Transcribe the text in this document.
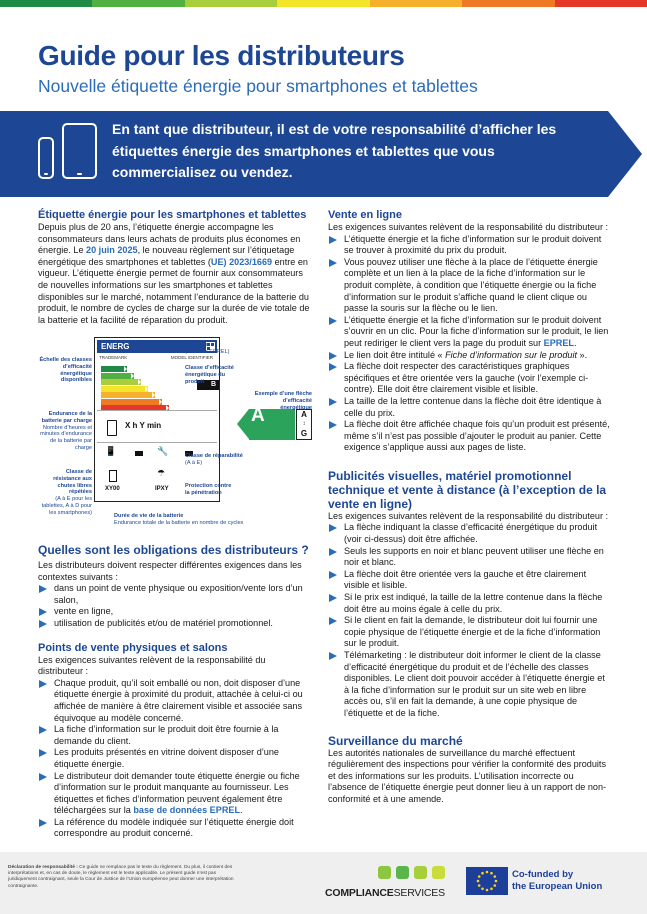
Guide pour les distributeurs
Nouvelle étiquette énergie pour smartphones et tablettes
En tant que distributeur, il est de votre responsabilité d’afficher les étiquettes énergie des smartphones et tablettes que vous commercialisez ou vendez.
Étiquette énergie pour les smartphones et tablettes

Depuis plus de 20 ans, l’étiquette énergie accompagne les consommateurs dans leurs achats de produits plus économes en énergie. Le 20 juin 2025, le nouveau règlement sur l’étiquetage énergétique des smartphones et tablettes (UE) 2023/1669 entre en vigueur. L’étiquette énergie permet de fournir aux consommateurs de nouvelles informations sur les smartphones et tablettes disponibles sur le marché, notamment l’endurance de la batterie du produit, le nombre de cycles de charge sur la durée de vie totale de la batterie et la facilité de réparation du produit.

ENERG
TRADEMARK	MODEL IDENTIFIER
B
X h Y min
📱	🔧
XY00
☂
IPXY
A	A
↕
G
QR code
(lien vers EPREL)
Échelle des classes d’efficacité énergétique disponibles
Classe d’efficacité énergétique du produit
Exemple d’une flèche d’efficacité énergétique
Endurance de la batterie par charge
Nombre d’heures et minutes d’endurance de la batterie par charge
Classe de réparabilité (A à E)
Classe de résistance aux chutes libres répétées
(A à E pour les tablettes, A à D pour les smartphones)
Protection contre la pénétration
Durée de vie de la batterie
Endurance totale de la batterie en nombre de cycles
Quelles sont les obligations des distributeurs ?

Les distributeurs doivent respecter différentes exigences dans les contextes suivants :

dans un point de vente physique ou exposition/vente lors d’un salon,
vente en ligne,
utilisation de publicités et/ou de matériel promotionnel.
Points de vente physiques et salons

Les exigences suivantes relèvent de la responsabilité du distributeur :

Chaque produit, qu’il soit emballé ou non, doit disposer d’une étiquette énergie à proximité du produit, attachée à celui-ci ou affichée de manière à être clairement visible et associée sans équivoque au modèle concerné.
La fiche d’information sur le produit doit être fournie à la demande du client.
Les produits présentés en vitrine doivent disposer d’une étiquette énergie.
Le distributeur doit demander toute étiquette énergie ou fiche d’information sur le produit manquante au fournisseur. Les étiquettes et fiches d’information peuvent également être téléchargées sur la base de données EPREL.
La référence du modèle indiquée sur l’étiquette énergie doit correspondre au produit concerné.
Vente en ligne

Les exigences suivantes relèvent de la responsabilité du distributeur :

L’étiquette énergie et la fiche d’information sur le produit doivent se trouver à proximité du prix du produit.
Vous pouvez utiliser une flèche à la place de l’étiquette énergie complète et un lien à la place de la fiche d’information sur le produit complète, à condition que l’étiquette énergie ou la fiche d’information sur le produit s’affiche quand le client clique ou passe la souris sur la flèche ou le lien.
L’étiquette énergie et la fiche d’information sur le produit doivent s’ouvrir en un clic. Pour la fiche d’information sur le produit, le lien peut rediriger le client vers la page du produit sur EPREL.
Le lien doit être intitulé « Fiche d’information sur le produit ».
La flèche doit respecter des caractéristiques graphiques spécifiques et être orientée vers la gauche (voir l’exemple ci-contre). Elle doit être clairement visible et lisible.
La taille de la lettre contenue dans la flèche doit être identique à celle du prix.
La flèche doit être affichée chaque fois qu’un produit est présenté, même s’il n’est pas possible d’ajouter le produit au panier. Cette exigence s’applique aussi aux pages de liste.
Publicités visuelles, matériel promotionnel technique et vente à distance (à l’exception de la vente en ligne)

Les exigences suivantes relèvent de la responsabilité du distributeur :

La flèche indiquant la classe d’efficacité énergétique du produit (voir ci-dessus) doit être affichée.
Seuls les supports en noir et blanc peuvent utiliser une flèche en noir et blanc.
La flèche doit être orientée vers la gauche et être clairement visible et lisible.
Si le prix est indiqué, la taille de la lettre contenue dans la flèche doit être au moins égale à celle du prix.
Si le client en fait la demande, le distributeur doit lui fournir une copie physique de l’étiquette énergie et de la fiche d’information sur le produit.
Télémarketing : le distributeur doit informer le client de la classe d’efficacité énergétique du produit et de l’échelle des classes disponibles. Le client doit pouvoir accéder à l’étiquette énergie et à la fiche d’information sur le produit sur un site web en libre accès ou, s’il en fait la demande, à une copie physique de l’étiquette et de la fiche.
Surveillance du marché

Les autorités nationales de surveillance du marché effectuent régulièrement des inspections pour vérifier la conformité des produits et des informations sur les produits. L’utilisation incorrecte ou l’absence de l’étiquette énergie peut donner lieu à un rapport de non-conformité et à une amende.

Déclaration de responsabilité : Ce guide ne remplace pas le texte du règlement. Du plus, il contient des interprétations et, en cas de doute, le règlement est le texte applicable. Le présent guide n’est pas juridiquement contraignant, seule la Cour de Justice de l’Union européenne peut donner une interprétation contraignante.
COMPLIANCESERVICES
Co-funded by
the European Union
